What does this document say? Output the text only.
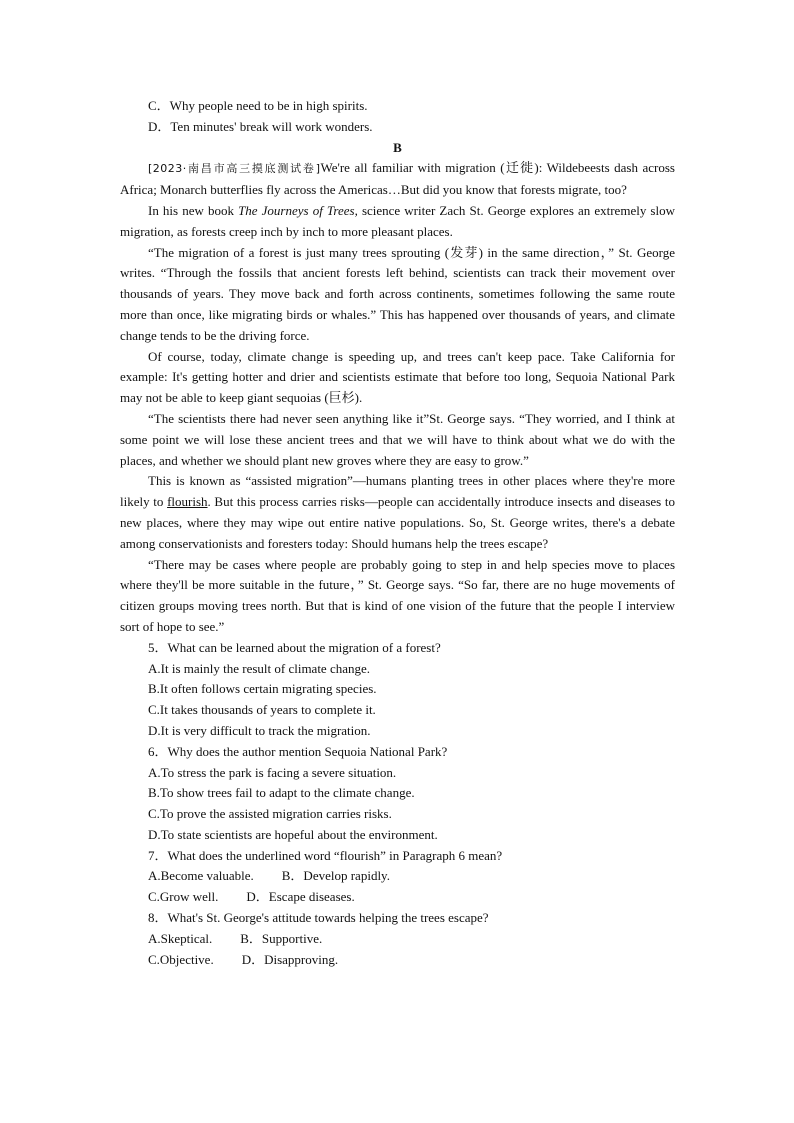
C．Why people need to be in high spirits.

D．Ten minutes' break will work wonders.

B

[2023·南昌市高三摸底测试卷]We're all familiar with migration (迁徙): Wildebeests dash across Africa; Monarch butterflies fly across the Americas…But did you know that forests migrate, too?

In his new book The Journeys of Trees, science writer Zach St. George explores an extremely slow migration, as forests creep inch by inch to more pleasant places.

“The migration of a forest is just many trees sprouting (发芽) in the same direction，” St. George writes. “Through the fossils that ancient forests left behind, scientists can track their movement over thousands of years. They move back and forth across continents, sometimes following the same route more than once, like migrating birds or whales.” This has happened over thousands of years, and climate change tends to be the driving force.

Of course, today, climate change is speeding up, and trees can't keep pace. Take California for example: It's getting hotter and drier and scientists estimate that before too long, Sequoia National Park may not be able to keep giant sequoias (巨杉).

“The scientists there had never seen anything like it”St. George says. “They worried, and I think at some point we will lose these ancient trees and that we will have to think about what we do with the places, and whether we should plant new groves where they are easy to grow.”

This is known as “assisted migration”—humans planting trees in other places where they're more likely to flourish. But this process carries risks—people can accidentally introduce insects and diseases to new places, where they may wipe out entire native populations. So, St. George writes, there's a debate among conservationists and foresters today: Should humans help the trees escape?

“There may be cases where people are probably going to step in and help species move to places where they'll be more suitable in the future，” St. George says. “So far, there are no huge movements of citizen groups moving trees north. But that is kind of one vision of the future that the people I interview sort of hope to see.”

5．What can be learned about the migration of a forest?

A.It is mainly the result of climate change.

B.It often follows certain migrating species.

C.It takes thousands of years to complete it.

D.It is very difficult to track the migration.

6．Why does the author mention Sequoia National Park?

A.To stress the park is facing a severe situation.

B.To show trees fail to adapt to the climate change.

C.To prove the assisted migration carries risks.

D.To state scientists are hopeful about the environment.

7．What does the underlined word “flourish” in Paragraph 6 mean?

A.Become valuable. B．Develop rapidly.

C.Grow well. D．Escape diseases.

8．What's St. George's attitude towards helping the trees escape?

A.Skeptical. B．Supportive.

C.Objective. D．Disapproving.
